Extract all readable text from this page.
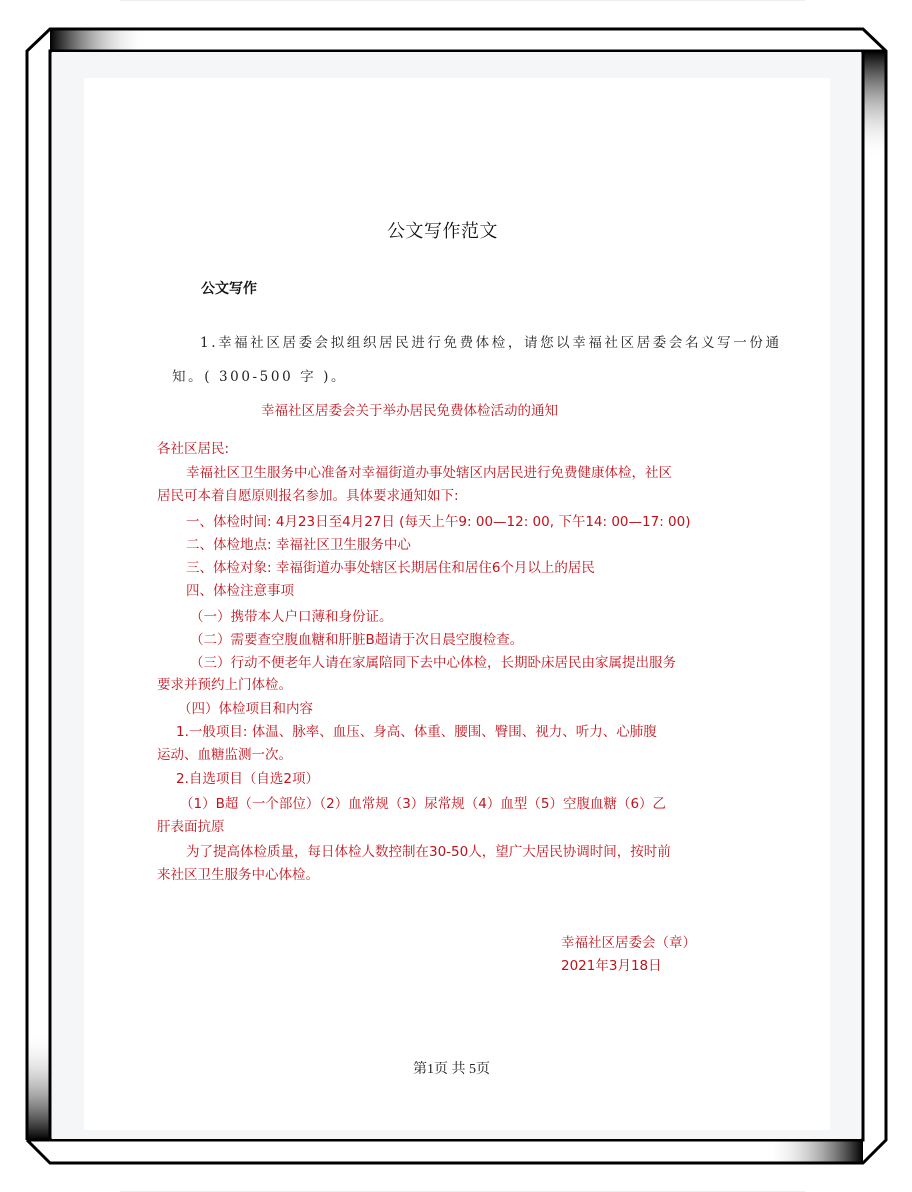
公文写作范文
公文写作
1.幸福社区居委会拟组织居民进行免费体检，请您以幸福社区居委会名义写一份通
知。( 300-500 字 )。
幸福社区居委会关于举办居民免费体检活动的通知
各社区居民:
幸福社区卫生服务中心准备对幸福街道办事处辖区内居民进行免费健康体检，社区
居民可本着自愿原则报名参加。具体要求通知如下:
一、体检时间: 4月23日至4月27日 (每天上午9: 00—12: 00, 下午14: 00—17: 00)
二、体检地点: 幸福社区卫生服务中心
三、体检对象: 幸福街道办事处辖区长期居住和居住6个月以上的居民
四、体检注意事项
（一）携带本人户口薄和身份证。
（二）需要查空腹血糖和肝脏B超请于次日晨空腹检查。
（三）行动不便老年人请在家属陪同下去中心体检，长期卧床居民由家属提出服务
要求并预约上门体检。
（四）体检项目和内容
1.一般项目: 体温、脉率、血压、身高、体重、腰围、臀围、视力、听力、心肺腹
运动、血糖监测一次。
2.自选项目（自选2项）
（1）B超（一个部位）（2）血常规（3）尿常规（4）血型（5）空腹血糖（6）乙
肝表面抗原
为了提高体检质量，每日体检人数控制在30-50人，望广大居民协调时间，按时前
来社区卫生服务中心体检。
幸福社区居委会（章）
2021年3月18日
第1页 共 5页
